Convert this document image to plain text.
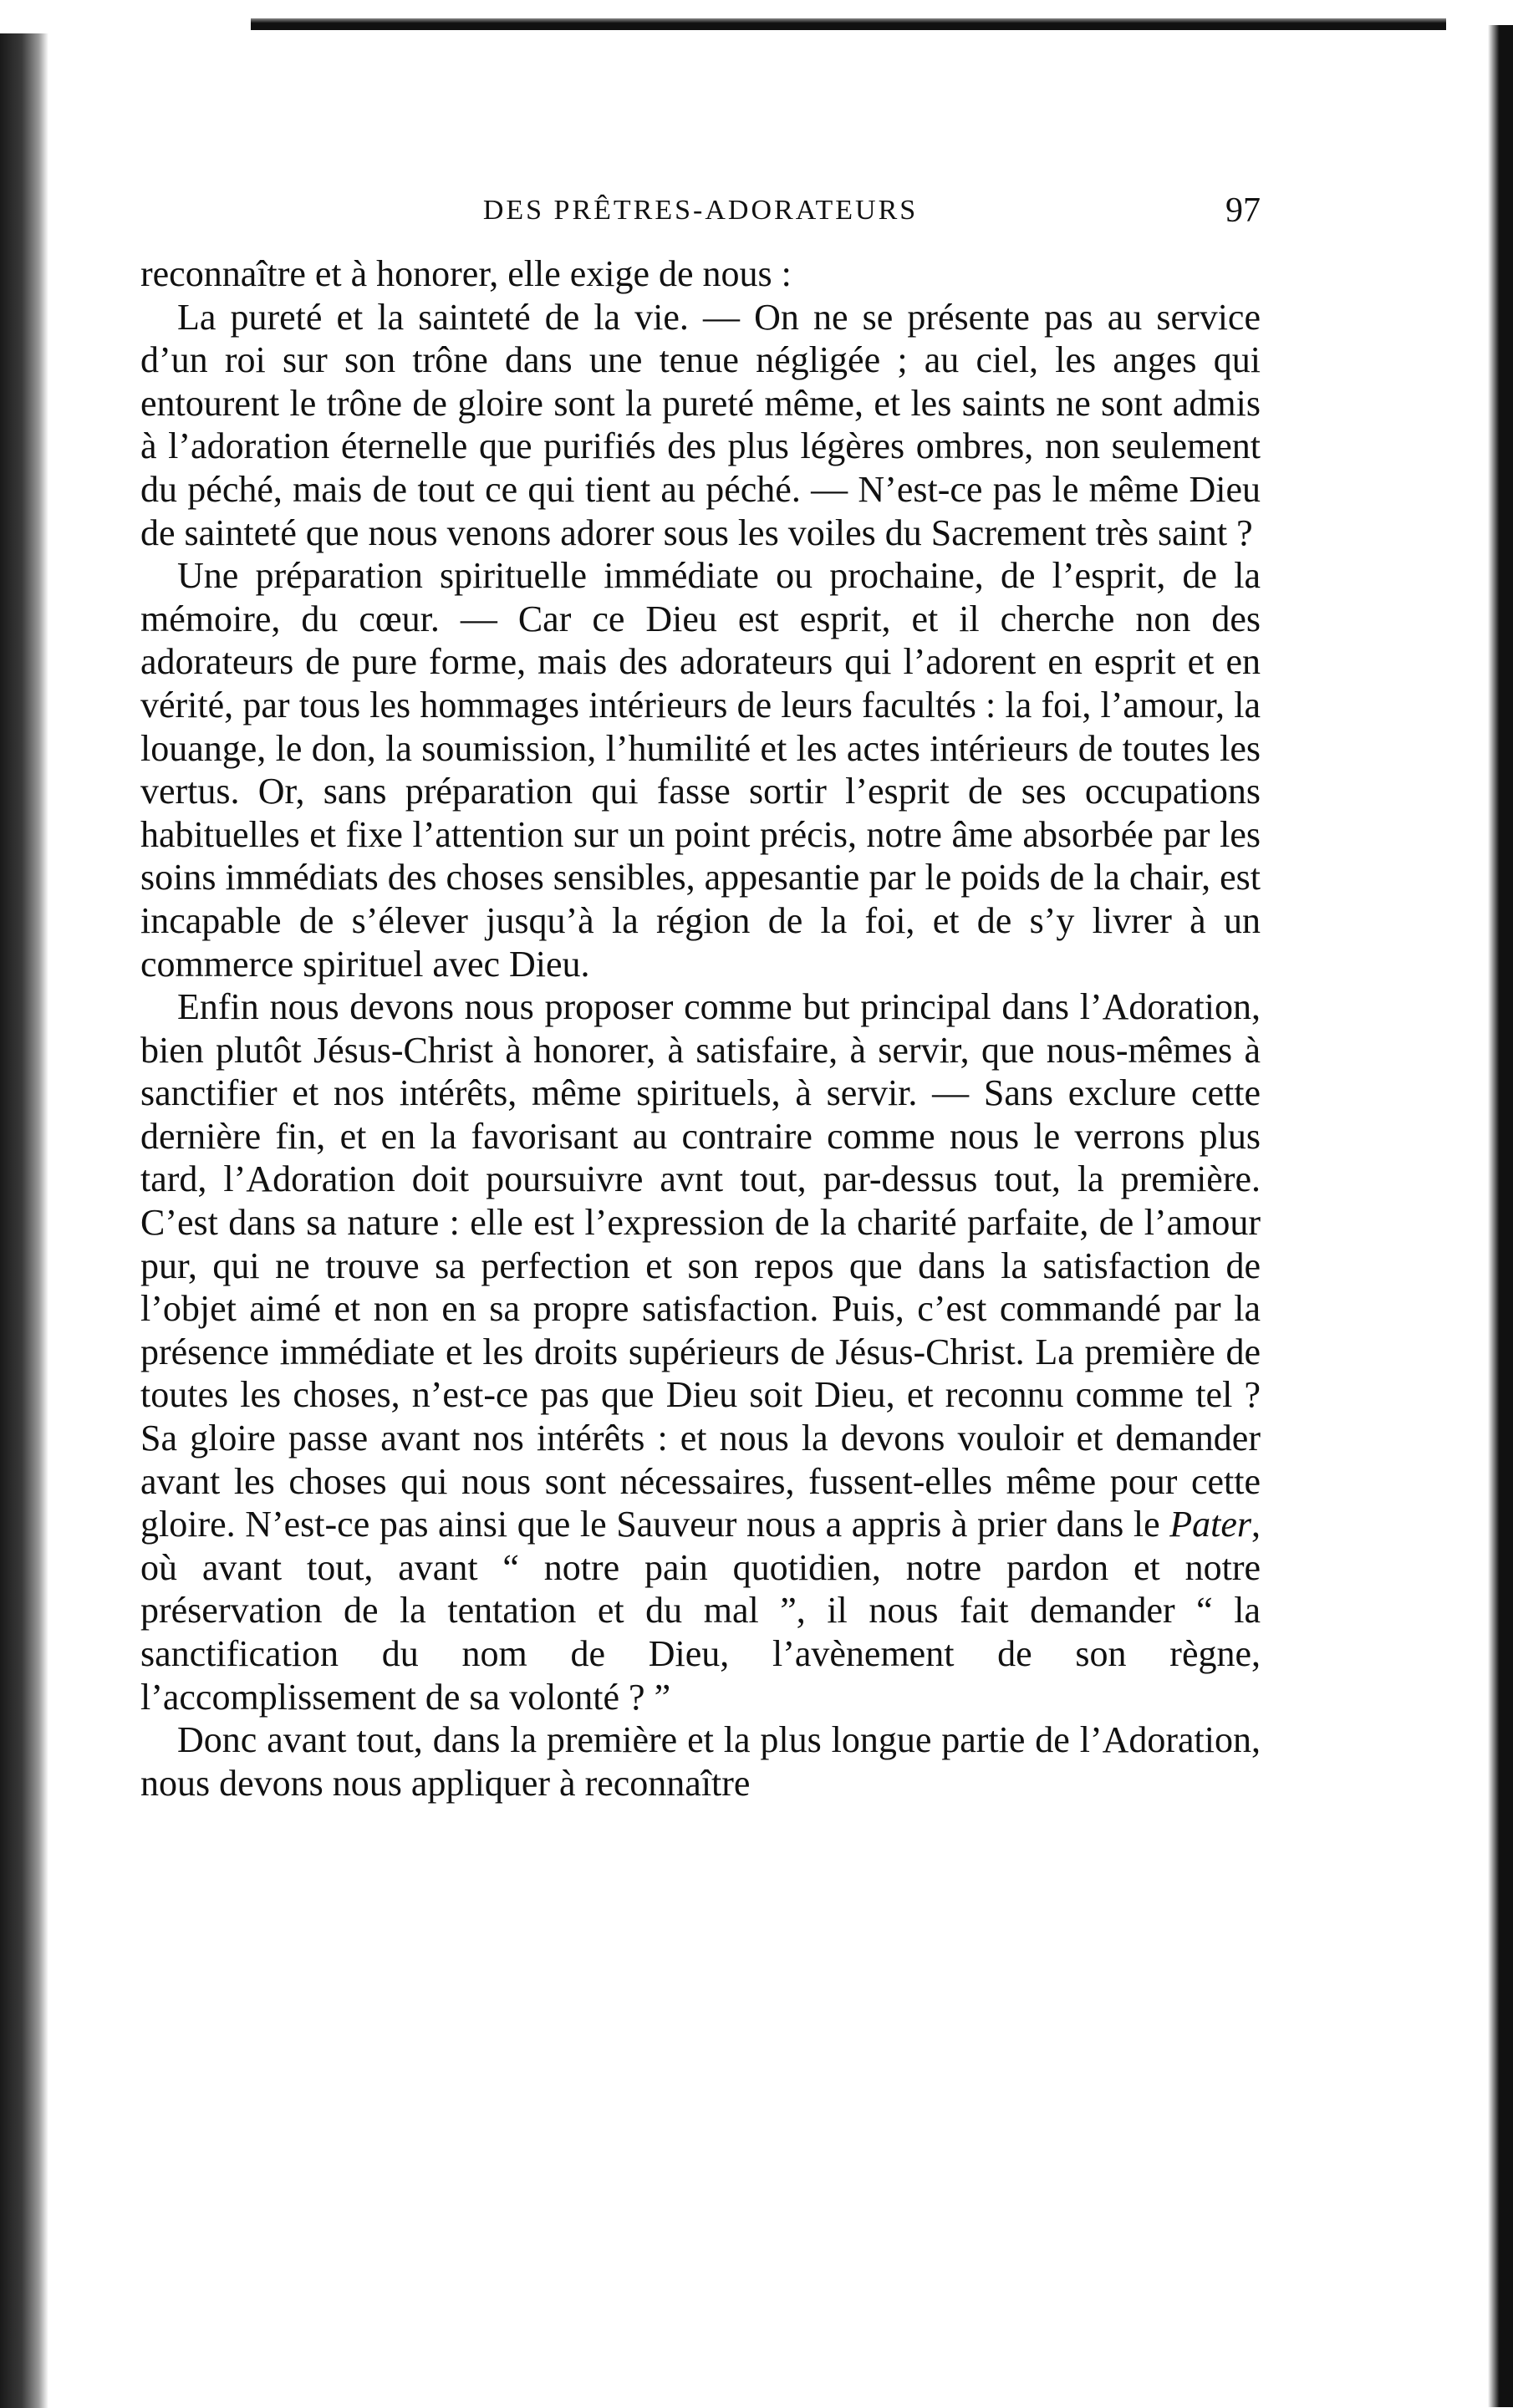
DES PRÊTRES-ADORATEURS	97

reconnaître et à honorer, elle exige de nous :

La pureté et la sainteté de la vie. — On ne se présente pas au service d’un roi sur son trône dans une tenue négligée ; au ciel, les anges qui entourent le trône de gloire sont la pureté même, et les saints ne sont admis à l’adoration éternelle que purifiés des plus légères ombres, non seulement du péché, mais de tout ce qui tient au péché. — N’est-ce pas le même Dieu de sainteté que nous venons adorer sous les voiles du Sacrement très saint ?

Une préparation spirituelle immédiate ou prochaine, de l’esprit, de la mémoire, du cœur. — Car ce Dieu est esprit, et il cherche non des adorateurs de pure forme, mais des adorateurs qui l’adorent en esprit et en vérité, par tous les hommages intérieurs de leurs facultés : la foi, l’amour, la louange, le don, la soumission, l’humilité et les actes intérieurs de toutes les vertus. Or, sans préparation qui fasse sortir l’esprit de ses occupations habituelles et fixe l’attention sur un point précis, notre âme absorbée par les soins immédiats des choses sensibles, appesantie par le poids de la chair, est incapable de s’élever jusqu’à la région de la foi, et de s’y livrer à un commerce spirituel avec Dieu.

Enfin nous devons nous proposer comme but principal dans l’Adoration, bien plutôt Jésus-Christ à honorer, à satisfaire, à servir, que nous-mêmes à sanctifier et nos intérêts, même spirituels, à servir. — Sans exclure cette dernière fin, et en la favorisant au contraire comme nous le verrons plus tard, l’Adoration doit poursuivre avnt tout, par-dessus tout, la première. C’est dans sa nature : elle est l’expression de la charité parfaite, de l’amour pur, qui ne trouve sa perfection et son repos que dans la satisfaction de l’objet aimé et non en sa propre satisfaction. Puis, c’est commandé par la présence immédiate et les droits supérieurs de Jésus-Christ. La première de toutes les choses, n’est-ce pas que Dieu soit Dieu, et reconnu comme tel ? Sa gloire passe avant nos intérêts : et nous la devons vouloir et demander avant les choses qui nous sont nécessaires, fussent-elles même pour cette gloire. N’est-ce pas ainsi que le Sauveur nous a appris à prier dans le Pater, où avant tout, avant “ notre pain quotidien, notre pardon et notre préservation de la tentation et du mal ”, il nous fait demander “ la sanctification du nom de Dieu, l’avènement de son règne, l’accomplissement de sa volonté ? ”

Donc avant tout, dans la première et la plus longue partie de l’Adoration, nous devons nous appliquer à reconnaître
